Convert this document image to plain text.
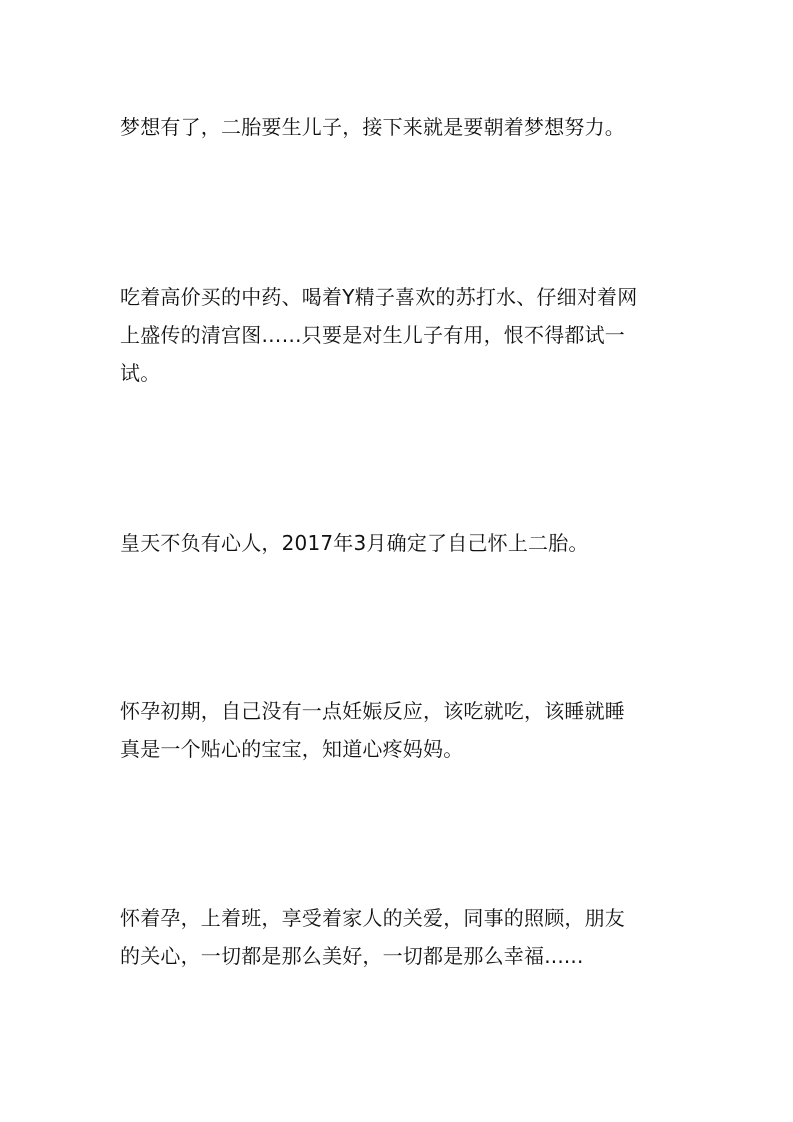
梦想有了，二胎要生儿子，接下来就是要朝着梦想努力。

吃着高价买的中药、喝着Y精子喜欢的苏打水、仔细对着网
上盛传的清宫图……只要是对生儿子有用，恨不得都试一
试。

皇天不负有心人，2017年3月确定了自己怀上二胎。

怀孕初期，自己没有一点妊娠反应，该吃就吃，该睡就睡
真是一个贴心的宝宝，知道心疼妈妈。

怀着孕，上着班，享受着家人的关爱，同事的照顾，朋友
的关心，一切都是那么美好，一切都是那么幸福......
